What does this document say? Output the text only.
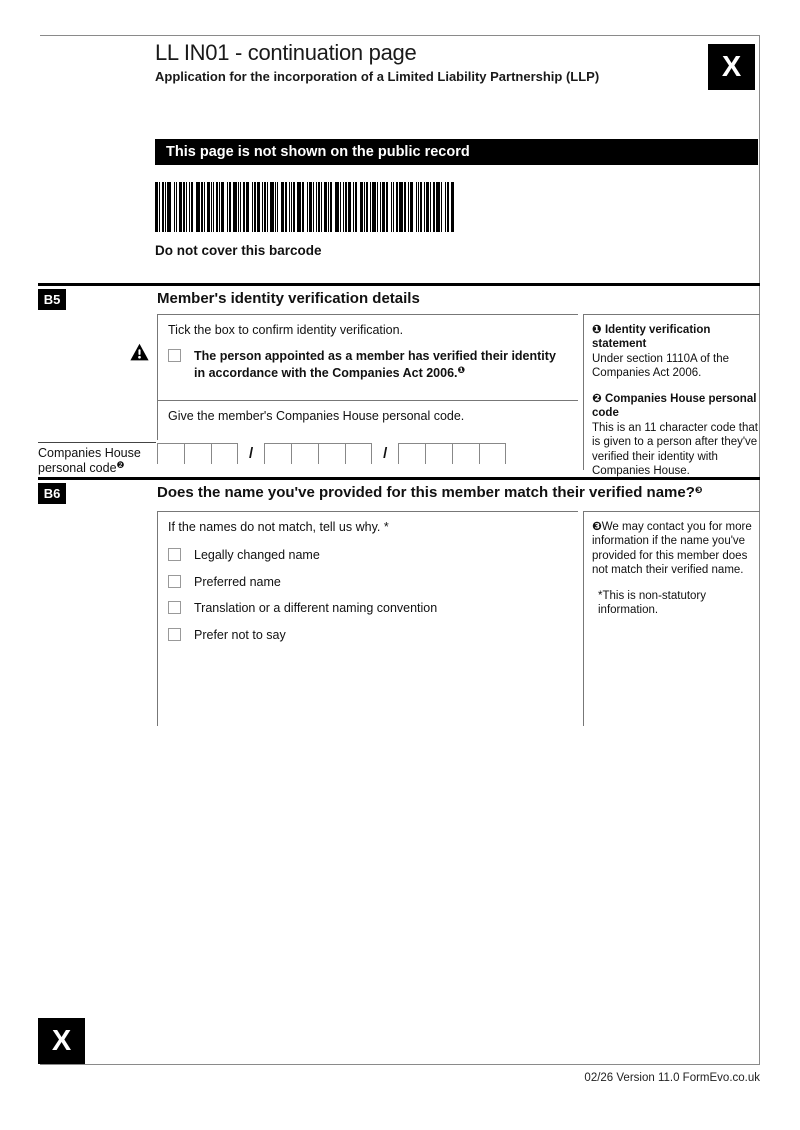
LL IN01 - continuation page
Application for the incorporation of a Limited Liability Partnership (LLP)	X
This page is not shown on the public record
Do not cover this barcode
B5	Member's identity verification details
Tick the box to confirm identity verification.
The person appointed as a member has verified their identity in accordance with the Companies Act 2006.$^❶$
Give the member's Companies House personal code.
Companies House
personal code$^❷$
/	/
❶ Identity verification statement
Under section 1110A of the Companies Act 2006.
❷ Companies House personal code
This is an 11 character code that is given to a person after they've verified their identity with Companies House.
B6	Does the name you've provided for this member match their verified name?$^❸$
If the names do not match, tell us why. *
Legally changed name
Preferred name
Translation or a different naming convention
Prefer not to say
❸We may contact you for more information if the name you've provided for this member does not match their verified name.
*This is non-statutory information.
X
02/26 Version 11.0 FormEvo.co.uk
